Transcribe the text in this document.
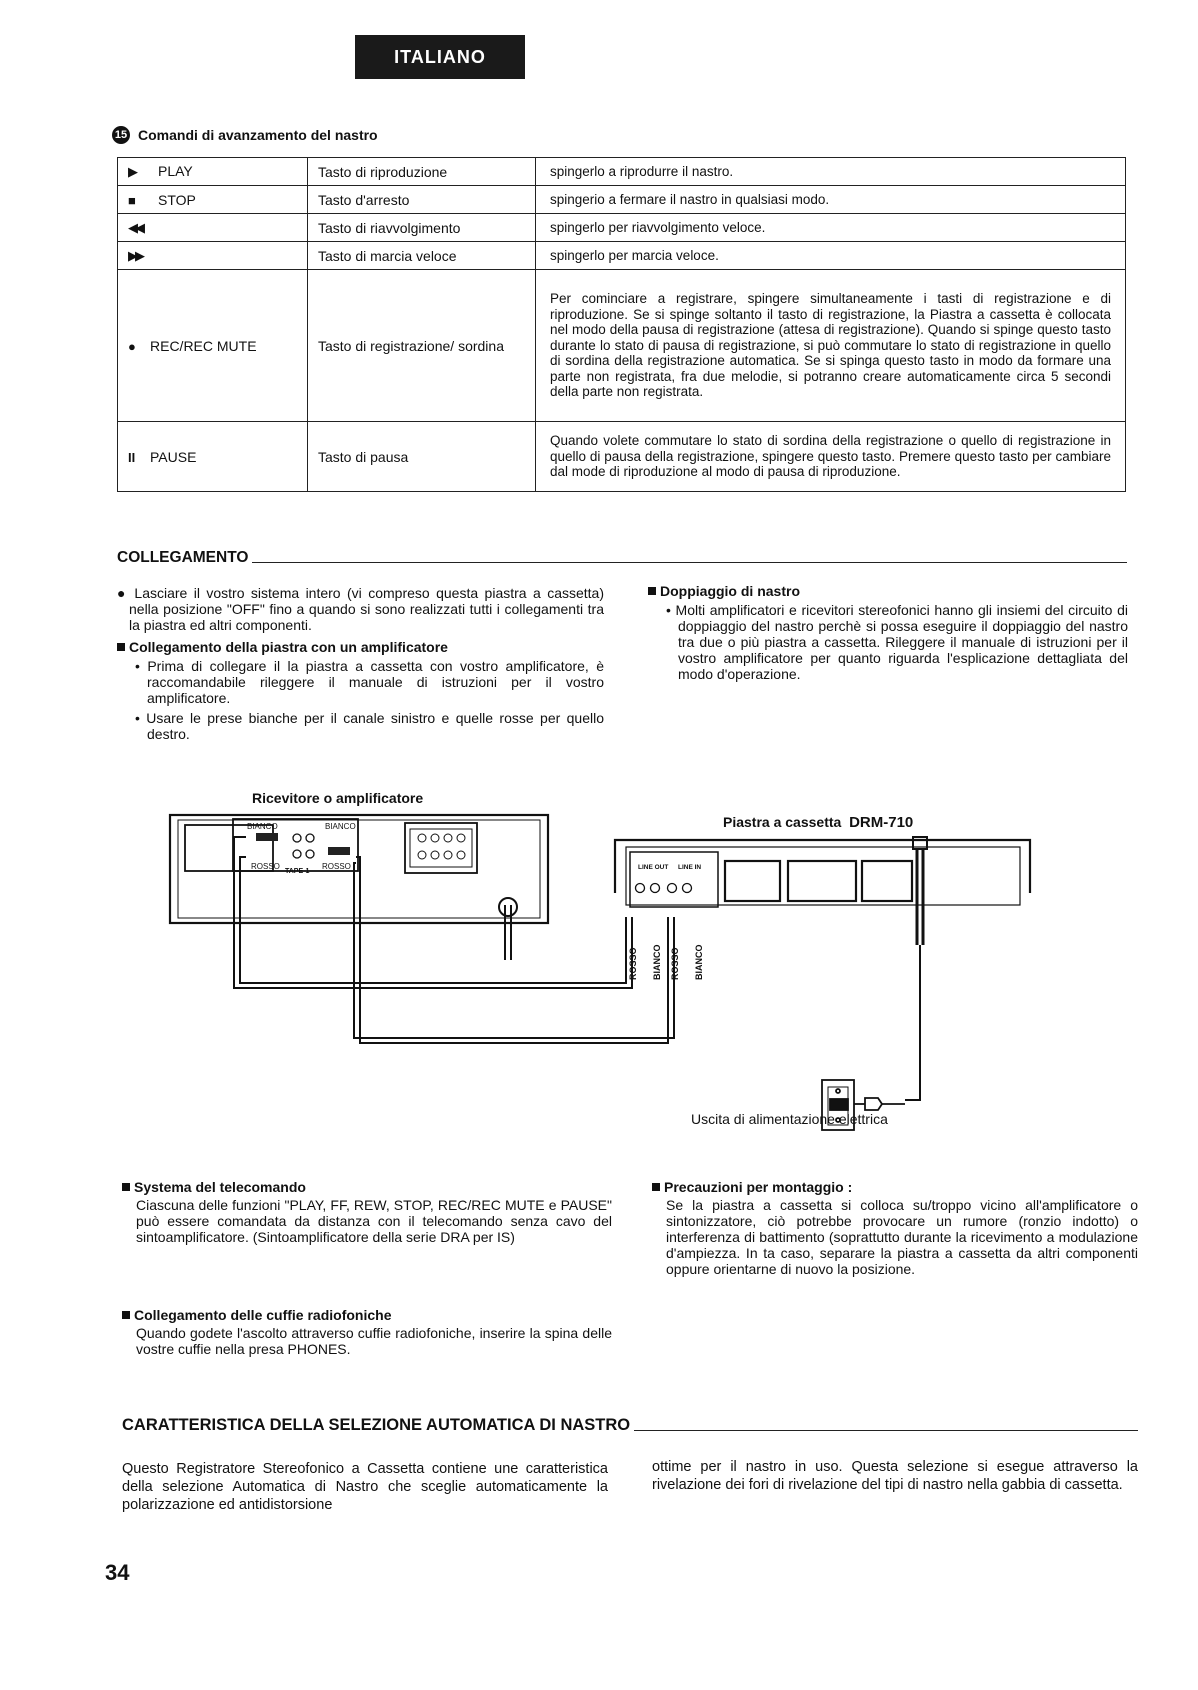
ITALIANO
15 Comandi di avanzamento del nastro
▶ PLAY	Tasto di riproduzione	spingerlo a riprodurre il nastro.
■ STOP	Tasto d'arresto	spingerio a fermare il nastro in qualsiasi modo.
◀◀	Tasto di riavvolgimento	spingerlo per riavvolgimento veloce.
▶▶	Tasto di marcia veloce	spingerlo per marcia veloce.
● REC/REC MUTE	Tasto di registrazione/ sordina	Per cominciare a registrare, spingere simultaneamente i tasti di registrazione e di riproduzione. Se si spinge soltanto il tasto di registrazione, la Piastra a cassetta è collocata nel modo della pausa di registrazione (attesa di registrazione). Quando si spinge questo tasto durante lo stato di pausa di registrazione, si può commutare lo stato di registrazione in quello di sordina della registrazione automatica. Se si spinga questo tasto in modo da formare una parte non registrata, fra due melodie, si potranno creare automaticamente circa 5 secondi della parte non registrata.
II PAUSE	Tasto di pausa	Quando volete commutare lo stato di sordina della registrazione o quello di registrazione in quello di pausa della registrazione, spingere questo tasto. Premere questo tasto per cambiare dal mode di riproduzione al modo di pausa di riproduzione.
COLLEGAMENTO
● Lasciare il vostro sistema intero (vi compreso questa piastra a cassetta) nella posizione "OFF" fino a quando si sono realizzati tutti i collegamenti tra la piastra ed altri componenti.
Collegamento della piastra con un amplificatore
• Prima di collegare il la piastra a cassetta con vostro amplificatore, è raccomandabile rileggere il manuale di istruzioni per il vostro amplificatore.
• Usare le prese bianche per il canale sinistro e quelle rosse per quello destro.
Doppiaggio di nastro
• Molti amplificatori e ricevitori stereofonici hanno gli insiemi del circuito di doppiaggio del nastro perchè si possa eseguire il doppiaggio del nastro tra due o più piastra a cassetta. Rileggere il manuale di istruzioni per il vostro amplificatore per quanto riguarda l'esplicazione dettagliata del modo d'operazione.
Ricevitore o amplificatore
Piastra a cassetta DRM-710
BIANCO	BIANCO
ROSSO	ROSSO
TAPE-1
LINE OUT LINE IN
ROSSO BIANCO ROSSO BIANCO
Uscita di alimentazione elettrica
Systema del telecomando
Ciascuna delle funzioni "PLAY, FF, REW, STOP, REC/REC MUTE e PAUSE" può essere comandata da distanza con il telecomando senza cavo del sintoamplificatore. (Sintoamplificatore della serie DRA per IS)
Collegamento delle cuffie radiofoniche
Quando godete l'ascolto attraverso cuffie radiofoniche, inserire la spina delle vostre cuffie nella presa PHONES.
Precauzioni per montaggio :
Se la piastra a cassetta si colloca su/troppo vicino all'amplificatore o sintonizzatore, ciò potrebbe provocare un rumore (ronzio indotto) o interferenza di battimento (soprattutto durante la ricevimento a modulazione d'ampiezza. In ta caso, separare la piastra a cassetta da altri componenti oppure orientarne di nuovo la posizione.
CARATTERISTICA DELLA SELEZIONE AUTOMATICA DI NASTRO
Questo Registratore Stereofonico a Cassetta contiene une caratteristica della selezione Automatica di Nastro che sceglie automaticamente la polarizzazione ed antidistorsione
ottime per il nastro in uso. Questa selezione si esegue attraverso la rivelazione dei fori di rivelazione del tipi di nastro nella gabbia di cassetta.
34
